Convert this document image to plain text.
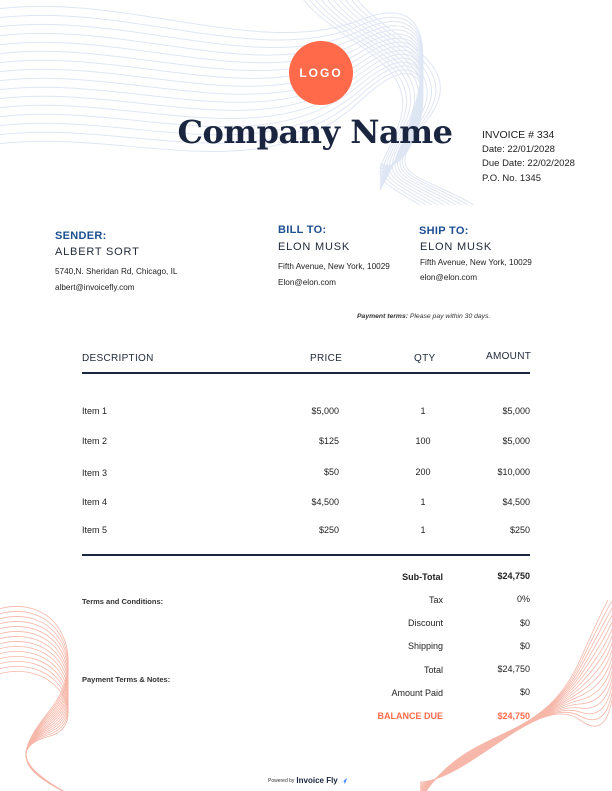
LOGO
Company Name	INVOICE # 334
Date: 22/01/2028
Due Date: 22/02/2028
P.O. No. 1345
SENDER:
ALBERT SORT
5740,N. Sheridan Rd, Chicago, IL
albert@invoicefly.com
BILL TO:
ELON MUSK
Fifth Avenue, New York, 10029
Elon@elon.com
SHIP TO:
ELON MUSK
Fifth Avenue, New York, 10029
elon@elon.com
Payment terms: Please pay within 30 days.
DESCRIPTION	PRICE	QTY	AMOUNT
Item 1	$5,000	1	$5,000
Item 2	$125	100	$5,000
Item 3	$50	200	$10,000
Item 4	$4,500	1	$4,500
Item 5	$250	1	$250
Terms and Conditions:
Payment Terms & Notes:
Sub-Total	$24,750
Tax	0%
Discount	$0
Shipping	$0
Total	$24,750
Amount Paid	$0
BALANCE DUE	$24,750
Powered by Invoice Fly
